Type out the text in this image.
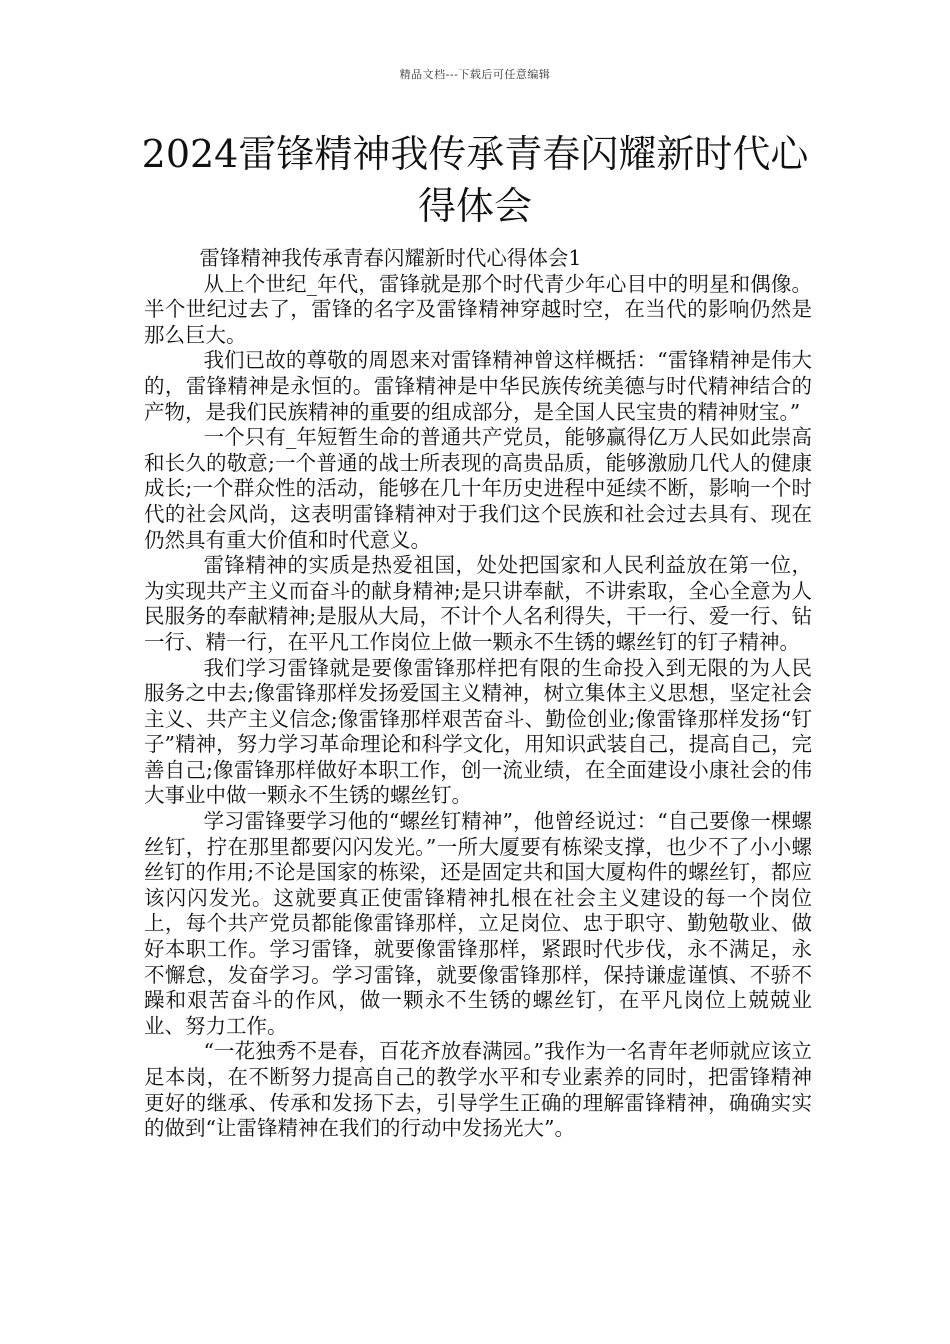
精品文档---下载后可任意编辑
2024雷锋精神我传承青春闪耀新时代心得体会

雷锋精神我传承青春闪耀新时代心得体会1

从上个世纪_年代，雷锋就是那个时代青少年心目中的明星和偶像。半个世纪过去了，雷锋的名字及雷锋精神穿越时空，在当代的影响仍然是那么巨大。

我们已故的尊敬的周恩来对雷锋精神曾这样概括：“雷锋精神是伟大的，雷锋精神是永恒的。雷锋精神是中华民族传统美德与时代精神结合的产物，是我们民族精神的重要的组成部分，是全国人民宝贵的精神财宝。”

一个只有_年短暂生命的普通共产党员，能够赢得亿万人民如此崇高和长久的敬意;一个普通的战士所表现的高贵品质，能够激励几代人的健康成长;一个群众性的活动，能够在几十年历史进程中延续不断，影响一个时代的社会风尚，这表明雷锋精神对于我们这个民族和社会过去具有、现在仍然具有重大价值和时代意义。

雷锋精神的实质是热爱祖国，处处把国家和人民利益放在第一位，为实现共产主义而奋斗的献身精神;是只讲奉献，不讲索取，全心全意为人民服务的奉献精神;是服从大局，不计个人名利得失，干一行、爱一行、钻一行、精一行，在平凡工作岗位上做一颗永不生锈的螺丝钉的钉子精神。

我们学习雷锋就是要像雷锋那样把有限的生命投入到无限的为人民服务之中去;像雷锋那样发扬爱国主义精神，树立集体主义思想，坚定社会主义、共产主义信念;像雷锋那样艰苦奋斗、勤俭创业;像雷锋那样发扬“钉子”精神，努力学习革命理论和科学文化，用知识武装自己，提高自己，完善自己;像雷锋那样做好本职工作，创一流业绩，在全面建设小康社会的伟大事业中做一颗永不生锈的螺丝钉。

学习雷锋要学习他的“螺丝钉精神”，他曾经说过：“自己要像一棵螺丝钉，拧在那里都要闪闪发光。”一所大厦要有栋梁支撑，也少不了小小螺丝钉的作用;不论是国家的栋梁，还是固定共和国大厦构件的螺丝钉，都应该闪闪发光。这就要真正使雷锋精神扎根在社会主义建设的每一个岗位上，每个共产党员都能像雷锋那样，立足岗位、忠于职守、勤勉敬业、做好本职工作。学习雷锋，就要像雷锋那样，紧跟时代步伐，永不满足，永不懈怠，发奋学习。学习雷锋，就要像雷锋那样，保持谦虚谨慎、不骄不躁和艰苦奋斗的作风，做一颗永不生锈的螺丝钉，在平凡岗位上兢兢业业、努力工作。

“一花独秀不是春，百花齐放春满园。”我作为一名青年老师就应该立足本岗，在不断努力提高自己的教学水平和专业素养的同时，把雷锋精神更好的继承、传承和发扬下去，引导学生正确的理解雷锋精神，确确实实的做到“让雷锋精神在我们的行动中发扬光大”。
